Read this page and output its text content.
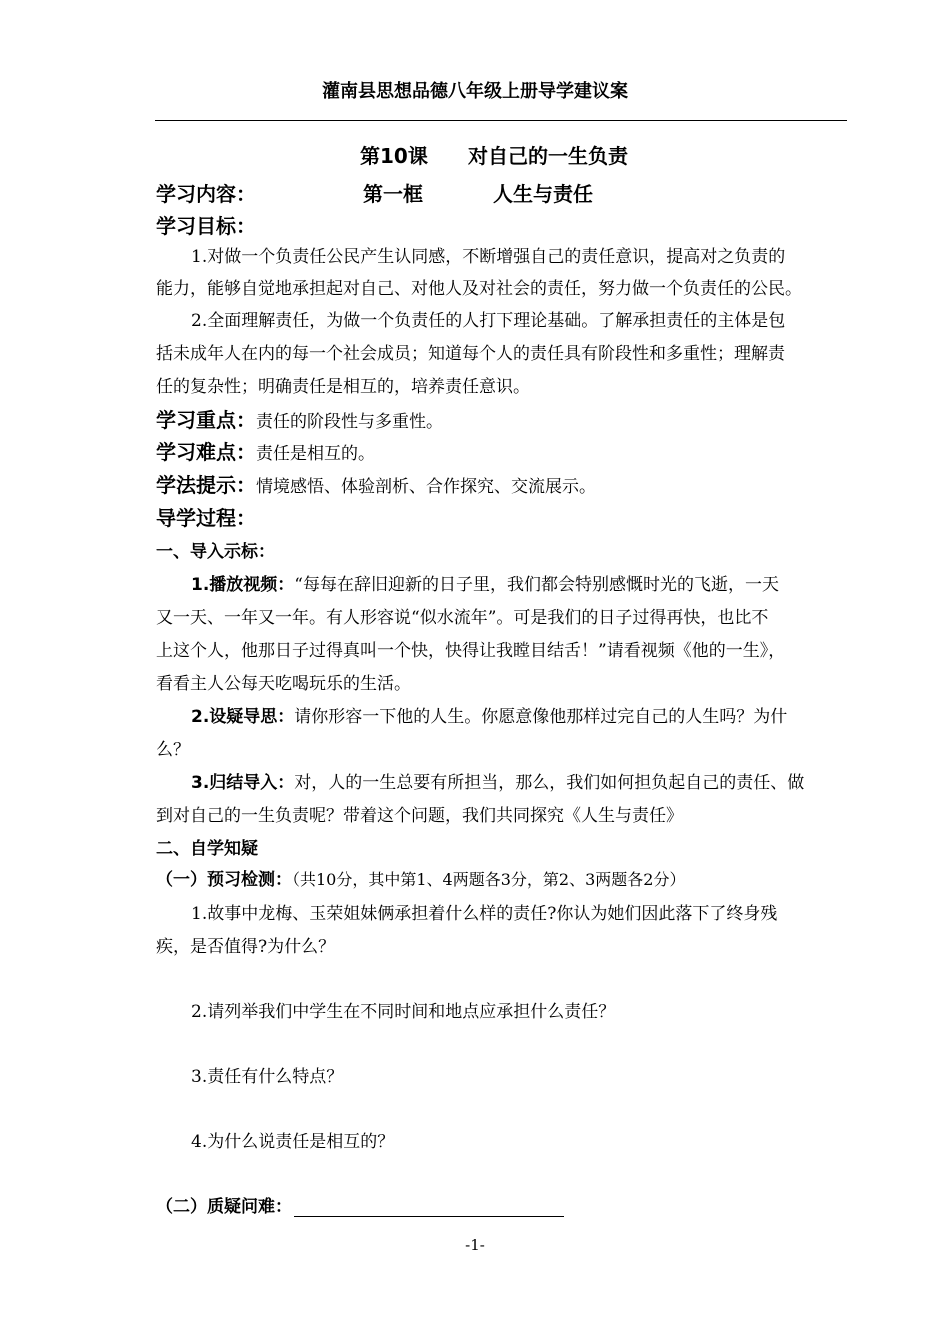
灌南县思想品德八年级上册导学建议案
第10课 对自己的一生负责
学习内容：	第一框	人生与责任
学习目标：
1.对做一个负责任公民产生认同感，不断增强自己的责任意识，提高对之负责的
能力，能够自觉地承担起对自己、对他人及对社会的责任，努力做一个负责任的公民。
2.全面理解责任，为做一个负责任的人打下理论基础。了解承担责任的主体是包
括未成年人在内的每一个社会成员；知道每个人的责任具有阶段性和多重性；理解责
任的复杂性；明确责任是相互的，培养责任意识。
学习重点：责任的阶段性与多重性。
学习难点：责任是相互的。
学法提示：情境感悟、体验剖析、合作探究、交流展示。
导学过程：
一、导入示标：
1.播放视频：“每每在辞旧迎新的日子里，我们都会特别感慨时光的飞逝，一天
又一天、一年又一年。有人形容说“似水流年”。可是我们的日子过得再快，也比不
上这个人，他那日子过得真叫一个快，快得让我瞠目结舌！”请看视频《他的一生》，
看看主人公每天吃喝玩乐的生活。
2.设疑导思：请你形容一下他的人生。你愿意像他那样过完自己的人生吗？为什
么？
3.归结导入：对，人的一生总要有所担当，那么，我们如何担负起自己的责任、做
到对自己的一生负责呢？带着这个问题，我们共同探究《人生与责任》
二、自学知疑
（一）预习检测：（共10分，其中第1、4两题各3分，第2、3两题各2分）
1.故事中龙梅、玉荣姐妹俩承担着什么样的责任?你认为她们因此落下了终身残
疾，是否值得?为什么？
2.请列举我们中学生在不同时间和地点应承担什么责任？
3.责任有什么特点？
4.为什么说责任是相互的？
（二）质疑问难：
-1-
